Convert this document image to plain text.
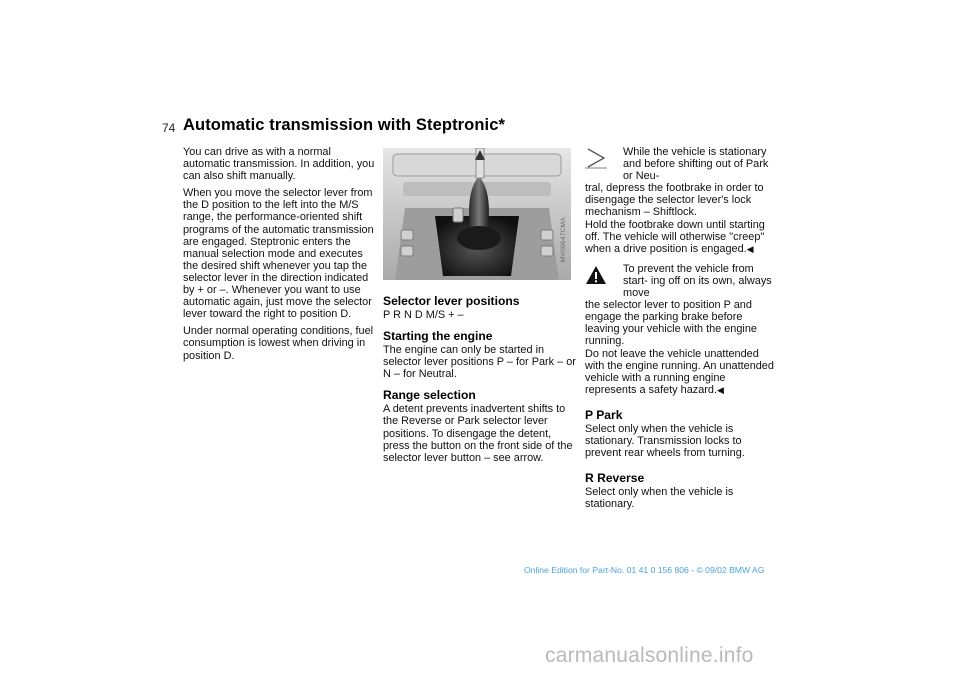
74 Automatic transmission with Steptronic*

You can drive as with a normal automatic transmission. In addition, you can also shift manually.

When you move the selector lever from the D position to the left into the M/S range, the performance-oriented shift programs of the automatic transmission are engaged. Steptronic enters the manual selection mode and executes the desired shift whenever you tap the selector lever in the direction indicated by + or –. Whenever you want to use automatic again, just move the selector lever toward the right to position D.

Under normal operating conditions, fuel consumption is lowest when driving in position D.

MV00647CMA
Selector lever positions

P R N D M/S + –

Starting the engine

The engine can only be started in selector lever positions P – for Park – or N – for Neutral.

Range selection

A detent prevents inadvertent shifts to the Reverse or Park selector lever positions. To disengage the detent, press the button on the front side of the selector lever button – see arrow.

While the vehicle is stationary and before shifting out of Park or Neu-
tral, depress the footbrake in order to disengage the selector lever's lock mechanism – Shiftlock.
Hold the footbrake down until starting off. The vehicle will otherwise "creep" when a drive position is engaged.◀
To prevent the vehicle from start- ing off on its own, always move
the selector lever to position P and engage the parking brake before leaving your vehicle with the engine running.
Do not leave the vehicle unattended with the engine running. An unattended vehicle with a running engine represents a safety hazard.◀
P Park

Select only when the vehicle is stationary. Transmission locks to prevent rear wheels from turning.

R Reverse

Select only when the vehicle is stationary.

Online Edition for Part-No. 01 41 0 156 806 - © 09/02 BMW AG
carmanualsonline.info
